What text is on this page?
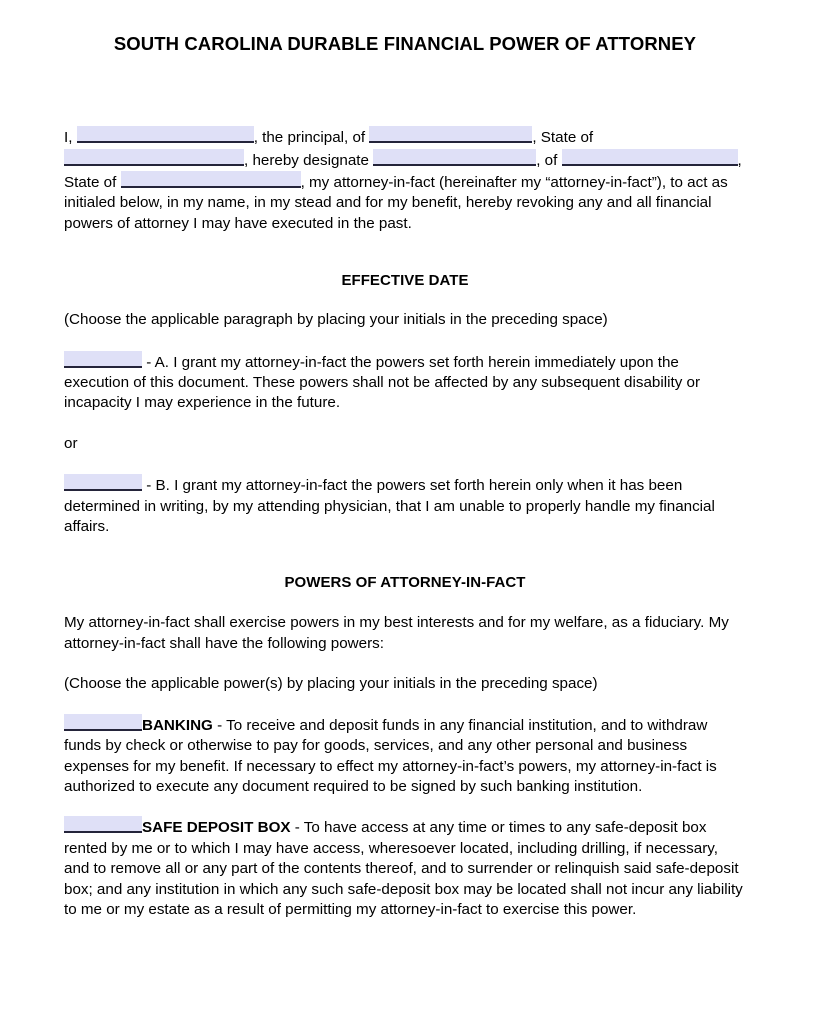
SOUTH CAROLINA DURABLE FINANCIAL POWER OF ATTORNEY

I,	, the principal, of	, State of , hereby designate	, of	, State of	, my attorney-in-fact (hereinafter my “attorney-in-fact”), to act as initialed below, in my name, in my stead and for my benefit, hereby revoking any and all financial powers of attorney I may have executed in the past.

EFFECTIVE DATE

(Choose the applicable paragraph by placing your initials in the preceding space)

- A. I grant my attorney-in-fact the powers set forth herein immediately upon the execution of this document. These powers shall not be affected by any subsequent disability or incapacity I may experience in the future.

or

- B. I grant my attorney-in-fact the powers set forth herein only when it has been determined in writing, by my attending physician, that I am unable to properly handle my financial affairs.

POWERS OF ATTORNEY-IN-FACT

My attorney-in-fact shall exercise powers in my best interests and for my welfare, as a fiduciary. My attorney-in-fact shall have the following powers:

(Choose the applicable power(s) by placing your initials in the preceding space)

BANKING - To receive and deposit funds in any financial institution, and to withdraw funds by check or otherwise to pay for goods, services, and any other personal and business expenses for my benefit. If necessary to effect my attorney-in-fact’s powers, my attorney-in-fact is authorized to execute any document required to be signed by such banking institution.

SAFE DEPOSIT BOX - To have access at any time or times to any safe-deposit box rented by me or to which I may have access, wheresoever located, including drilling, if necessary, and to remove all or any part of the contents thereof, and to surrender or relinquish said safe-deposit box; and any institution in which any such safe-deposit box may be located shall not incur any liability to me or my estate as a result of permitting my attorney-in-fact to exercise this power.
